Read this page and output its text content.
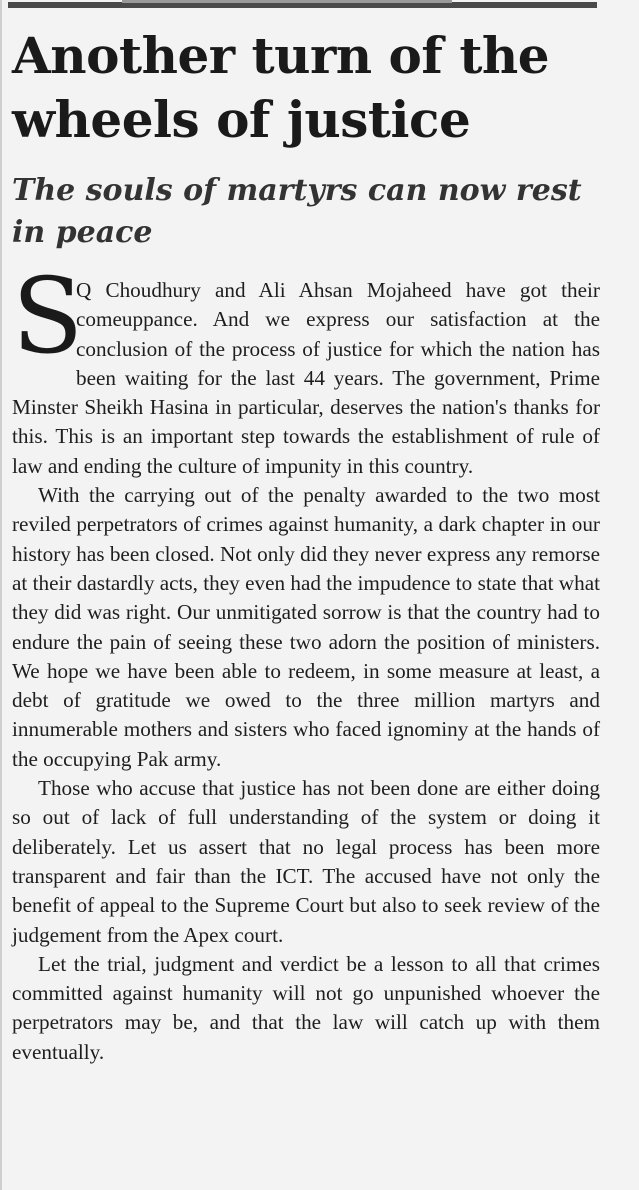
Another turn of the wheels of justice
The souls of martyrs can now rest in peace

S
Q Choudhury and Ali Ahsan Mojaheed have got their comeuppance. And we express our satisfaction at the conclusion of the process of justice for which the nation has been waiting for the last 44 years. The government, Prime Minster Sheikh Hasina in particular, deserves the nation's thanks for this. This is an important step towards the establishment of rule of law and ending the culture of impunity in this country.

With the carrying out of the penalty awarded to the two most reviled perpetrators of crimes against humanity, a dark chapter in our history has been closed. Not only did they never express any remorse at their dastardly acts, they even had the impudence to state that what they did was right. Our unmitigated sorrow is that the country had to endure the pain of seeing these two adorn the position of ministers. We hope we have been able to redeem, in some measure at least, a debt of gratitude we owed to the three million martyrs and innumerable mothers and sisters who faced ignominy at the hands of the occupying Pak army.

Those who accuse that justice has not been done are either doing so out of lack of full understanding of the system or doing it deliberately. Let us assert that no legal process has been more transparent and fair than the ICT. The accused have not only the benefit of appeal to the Supreme Court but also to seek review of the judgement from the Apex court.

Let the trial, judgment and verdict be a lesson to all that crimes committed against humanity will not go unpunished whoever the perpetrators may be, and that the law will catch up with them eventually.
